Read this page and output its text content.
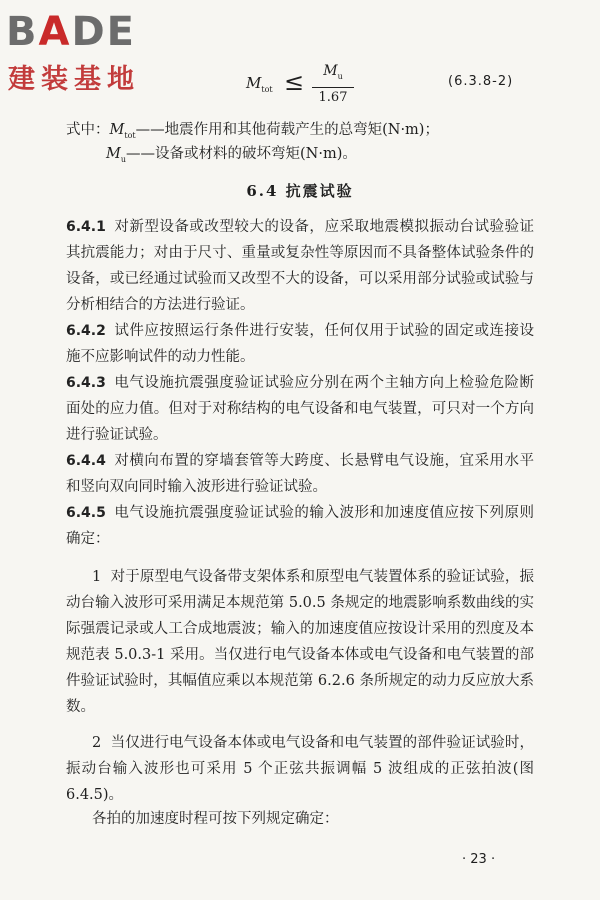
BADE
建装基地	$M_{tot}$ ≤	$M_u$
1.67
(6.3.8-2)
式中：$M_{tot}——$地震作用和其他荷载产生的总弯矩(N·m)；
$M_u——$设备或材料的破坏弯矩(N·m)。
6.4 抗震试验
6.4.1 对新型设备或改型较大的设备，应采取地震模拟振动台试验验证其抗震能力；对由于尺寸、重量或复杂性等原因而不具备整体试验条件的设备，或已经通过试验而又改型不大的设备，可以采用部分试验或试验与分析相结合的方法进行验证。
6.4.2 试件应按照运行条件进行安装，任何仅用于试验的固定或连接设施不应影响试件的动力性能。
6.4.3 电气设施抗震强度验证试验应分别在两个主轴方向上检验危险断面处的应力值。但对于对称结构的电气设备和电气装置，可只对一个方向进行验证试验。
6.4.4 对横向布置的穿墙套管等大跨度、长悬臂电气设施，宜采用水平和竖向双向同时输入波形进行验证试验。
6.4.5 电气设施抗震强度验证试验的输入波形和加速度值应按下列原则确定：
1 对于原型电气设备带支架体系和原型电气装置体系的验证试验，振动台输入波形可采用满足本规范第 5.0.5 条规定的地震影响系数曲线的实际强震记录或人工合成地震波；输入的加速度值应按设计采用的烈度及本规范表 5.0.3-1 采用。当仅进行电气设备本体或电气设备和电气装置的部件验证试验时，其幅值应乘以本规范第 6.2.6 条所规定的动力反应放大系数。
2 当仅进行电气设备本体或电气设备和电气装置的部件验证试验时，振动台输入波形也可采用 5 个正弦共振调幅 5 波组成的正弦拍波(图 6.4.5)。
各拍的加速度时程可按下列规定确定：
· 23 ·
